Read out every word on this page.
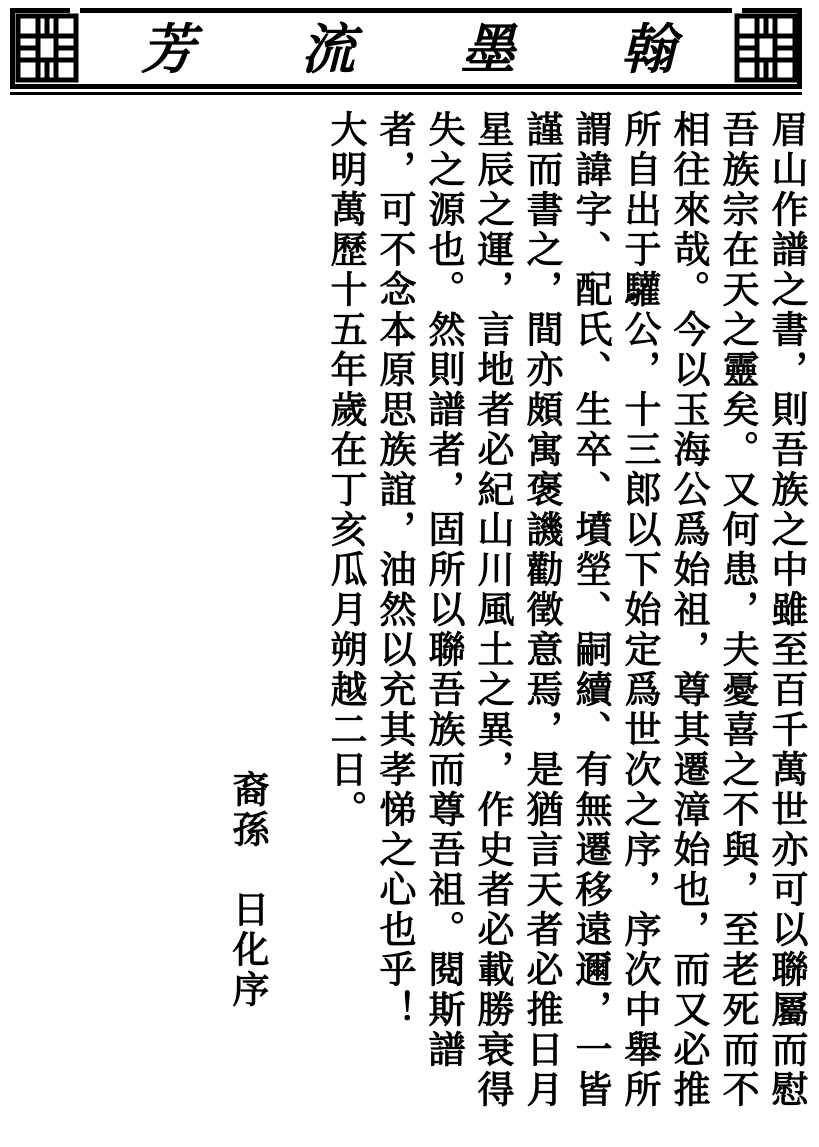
芳 流 墨 翰
眉山作譜之書，則吾族之中雖至百千萬世亦可以聯屬而慰
吾族宗在天之靈矣。又何患，夫憂喜之不與，至老死而不
相往來哉。今以玉海公爲始祖，尊其遷漳始也，而又必推
所自出于驩公，十三郎以下始定爲世次之序，序次中舉所
謂諱字、配氏、生卒、墳塋、嗣續、有無遷移遠邇，一皆
謹而書之，間亦頗寓褒譏勸徵意焉，是猶言天者必推日月
星辰之運，言地者必紀山川風土之異，作史者必載勝衰得
失之源也。然則譜者，固所以聯吾族而尊吾祖。閱斯譜
者，可不念本原思族誼，油然以充其孝悌之心也乎！
大明萬歷十五年歲在丁亥瓜月朔越二日。
裔孫　日化序
